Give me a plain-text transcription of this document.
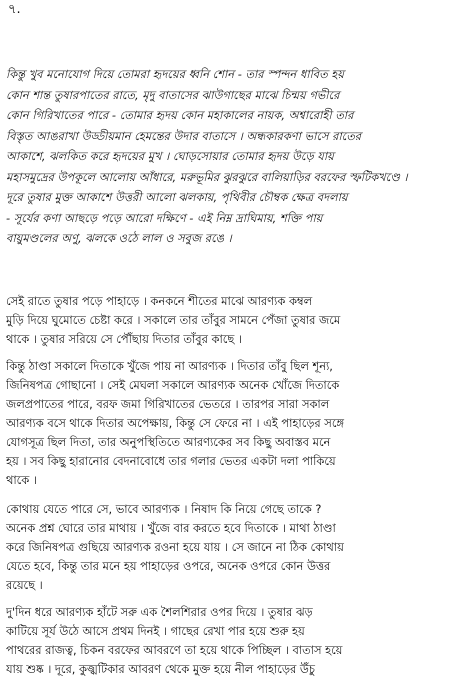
৭.
কিন্তু খুব মনোযোগ দিয়ে তোমরা হৃদয়ের ধ্বনি শোন - তার স্পন্দন ধাবিত হয়
কোন শান্ত তুষারপাতের রাতে, মৃদু বাতাসের ঝাউগাছের মাঝে চিন্ময় গভীরে
কোন গিরিখাতের পারে - তোমার হৃদয় কোন মহাকালের নায়ক, অশ্বারোহী তার
বিস্তৃত আঙরাখা উড্ডীয়মান হেমন্তের উদার বাতাসে । অন্ধকারকণা ভাসে রাতের
আকাশে, ঝলকিত করে হৃদয়ের মুখ । ঘোড়সোয়ার তোমার হৃদয় উড়ে যায়
মহাসমুদ্রের উপকূলে আলোয় আঁধারে, মরুভূমির ঝুরঝুরে বালিয়াড়ির বরফের স্ফটিকখণ্ডে ।
দূরে তুষার মুক্ত আকাশে উত্তরী আলো ঝলকায়, পৃথিবীর চৌম্বক ক্ষেত্র বদলায়
- সূর্যের কণা আছড়ে পড়ে আরো দক্ষিণে - এই নিম্ন দ্রাঘিমায়, শক্তি পায়
বায়ুমণ্ডলের অণু, ঝলকে ওঠে লাল ও সবুজ রঙে ।
সেই রাতে তুষার পড়ে পাহাড়ে । কনকনে শীতের মাঝে আরণ্যক কম্বল
মুড়ি দিয়ে ঘুমোতে চেষ্টা করে । সকালে তার তাঁবুর সামনে পেঁজা তুষার জমে
থাকে । তুষার সরিয়ে সে পৌঁছায় দিতার তাঁবুর কাছে ।
কিন্তু ঠাণ্ডা সকালে দিতাকে খুঁজে পায় না আরণ্যক । দিতার তাঁবু ছিল শূন্য,
জিনিষপত্র গোছানো । সেই মেঘলা সকালে আরণ্যক অনেক খোঁজে দিতাকে
জলপ্রপাতের পারে, বরফ জমা গিরিখাতের ভেতরে । তারপর সারা সকাল
আরণ্যক বসে থাকে দিতার অপেক্ষায়, কিন্তু সে ফেরে না । এই পাহাড়ের সঙ্গে
যোগসূত্র ছিল দিতা, তার অনুপস্থিতিতে আরণ্যকের সব কিছু অবাস্তব মনে
হয় । সব কিছু হারানোর বেদনাবোধে তার গলার ভেতর একটা দলা পাকিয়ে
থাকে ।
কোথায় যেতে পারে সে, ভাবে আরণ্যক । নিষাদ কি নিয়ে গেছে তাকে ?
অনেক প্রশ্ন ঘোরে তার মাথায় । খুঁজে বার করতে হবে দিতাকে । মাথা ঠাণ্ডা
করে জিনিষপত্র গুছিয়ে আরণ্যক রওনা হয়ে যায় । সে জানে না ঠিক কোথায়
যেতে হবে, কিন্তু তার মনে হয় পাহাড়ের ওপরে, অনেক ওপরে কোন উত্তর
রয়েছে ।
দু'দিন ধরে আরণ্যক হাঁটে সরু এক শৈলশিরার ওপর দিয়ে । তুষার ঝড়
কাটিয়ে সূর্য উঠে আসে প্রথম দিনই । গাছের রেখা পার হয়ে শুরু হয়
পাথরের রাজত্ব, চিকন বরফের আবরণে তা হয়ে থাকে পিচ্ছিল । বাতাস হয়ে
যায় শুষ্ক । দূরে, কুজ্ঝটিকার আবরণ থেকে মুক্ত হয়ে নীল পাহাড়ের উঁচু
